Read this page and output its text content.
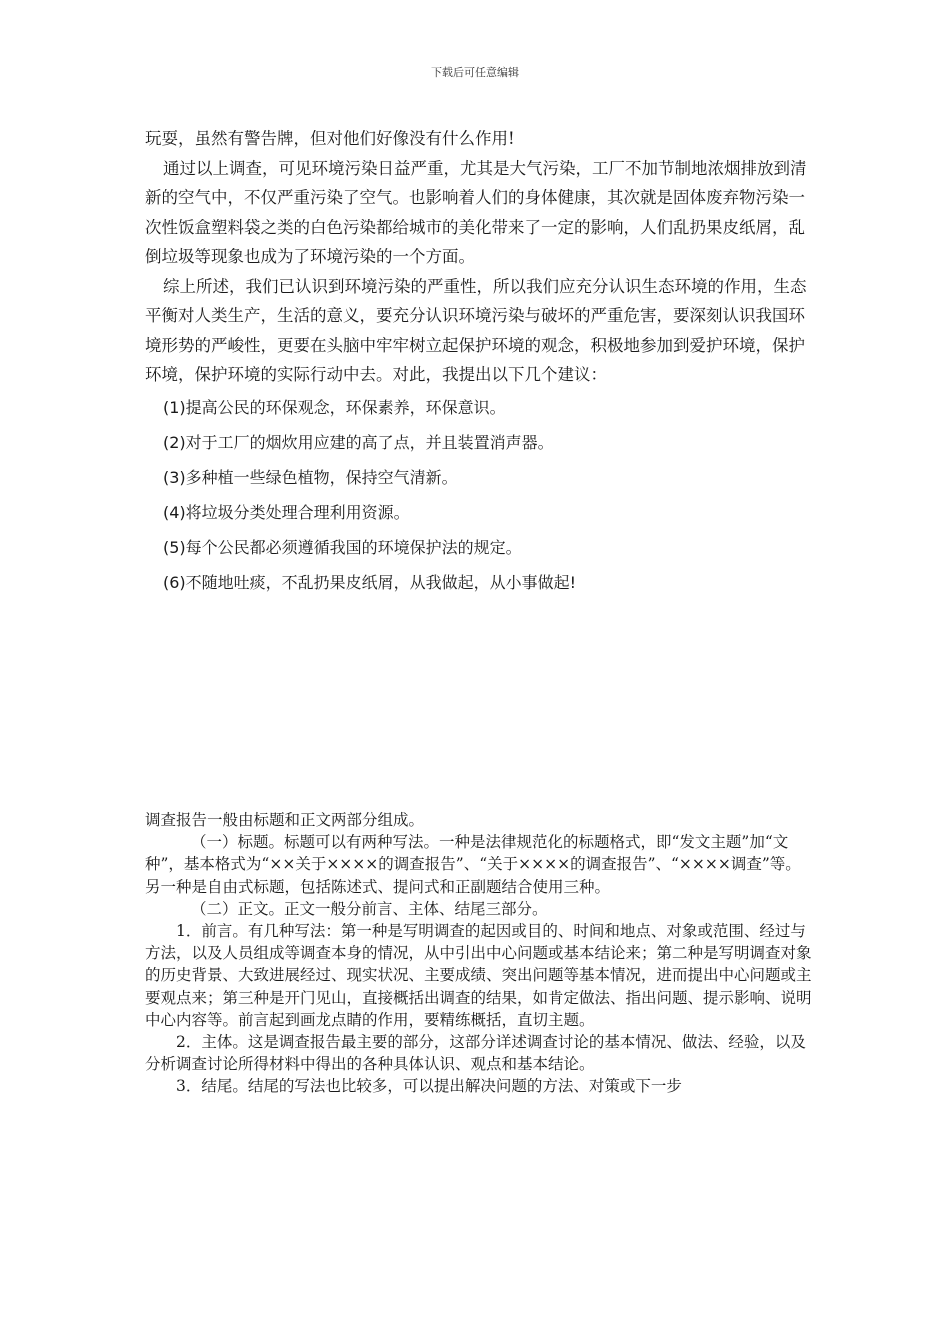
下载后可任意编辑

玩耍，虽然有警告牌，但对他们好像没有什么作用!

通过以上调查，可见环境污染日益严重，尤其是大气污染，工厂不加节制地浓烟排放到清新的空气中，不仅严重污染了空气。也影响着人们的身体健康，其次就是固体废弃物污染一次性饭盒塑料袋之类的白色污染都给城市的美化带来了一定的影响，人们乱扔果皮纸屑，乱倒垃圾等现象也成为了环境污染的一个方面。

综上所述，我们已认识到环境污染的严重性，所以我们应充分认识生态环境的作用，生态平衡对人类生产，生活的意义，要充分认识环境污染与破坏的严重危害，要深刻认识我国环境形势的严峻性，更要在头脑中牢牢树立起保护环境的观念，积极地参加到爱护环境，保护环境，保护环境的实际行动中去。对此，我提出以下几个建议：

(1)提高公民的环保观念，环保素养，环保意识。
(2)对于工厂的烟炊用应建的高了点，并且装置消声器。
(3)多种植一些绿色植物，保持空气清新。
(4)将垃圾分类处理合理利用资源。
(5)每个公民都必须遵循我国的环境保护法的规定。
(6)不随地吐痰，不乱扔果皮纸屑，从我做起，从小事做起!

调查报告一般由标题和正文两部分组成。

（一）标题。标题可以有两种写法。一种是法律规范化的标题格式，即“发文主题”加“文种”，基本格式为“××关于××××的调查报告”、“关于××××的调查报告”、“××××调查”等。另一种是自由式标题，包括陈述式、提问式和正副题结合使用三种。

（二）正文。正文一般分前言、主体、结尾三部分。

1．前言。有几种写法：第一种是写明调查的起因或目的、时间和地点、对象或范围、经过与方法，以及人员组成等调查本身的情况，从中引出中心问题或基本结论来；第二种是写明调查对象的历史背景、大致进展经过、现实状况、主要成绩、突出问题等基本情况，进而提出中心问题或主要观点来；第三种是开门见山，直接概括出调查的结果，如肯定做法、指出问题、提示影响、说明中心内容等。前言起到画龙点睛的作用，要精练概括，直切主题。

2．主体。这是调查报告最主要的部分，这部分详述调查讨论的基本情况、做法、经验，以及分析调查讨论所得材料中得出的各种具体认识、观点和基本结论。

3．结尾。结尾的写法也比较多，可以提出解决问题的方法、对策或下一步
